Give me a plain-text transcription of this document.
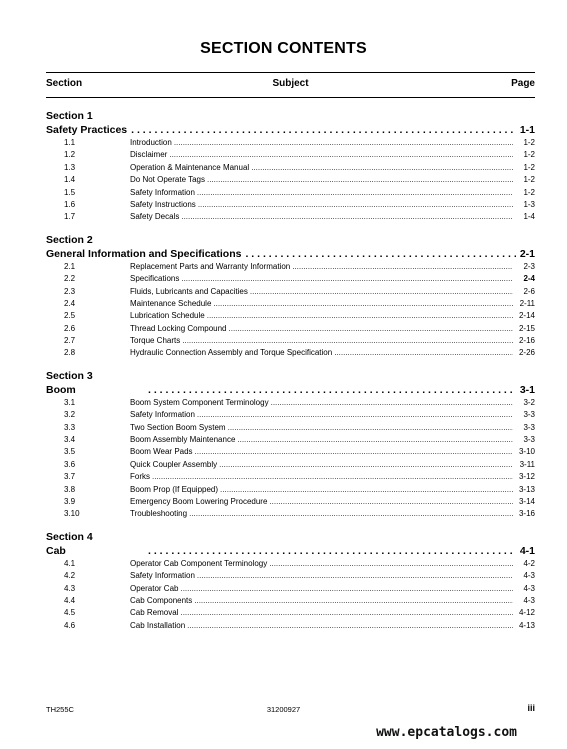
SECTION CONTENTS
Section	Subject	Page
Section 1
Safety Practices . . .	1-1
1.1	Introduction .....	1-2
1.2	Disclaimer .....	1-2
1.3	Operation & Maintenance Manual .....	1-2
1.4	Do Not Operate Tags .....	1-2
1.5	Safety Information .....	1-2
1.6	Safety Instructions .....	1-3
1.7	Safety Decals .....	1-4
Section 2
General Information and Specifications . . .	2-1
2.1	Replacement Parts and Warranty Information .....	2-3
2.2	Specifications .....	2-4
2.3	Fluids, Lubricants and Capacities .....	2-6
2.4	Maintenance Schedule .....	2-11
2.5	Lubrication Schedule .....	2-14
2.6	Thread Locking Compound .....	2-15
2.7	Torque Charts .....	2-16
2.8	Hydraulic Connection Assembly and Torque Specification .....	2-26
Section 3
Boom . . .	3-1
3.1	Boom System Component Terminology .....	3-2
3.2	Safety Information .....	3-3
3.3	Two Section Boom System .....	3-3
3.4	Boom Assembly Maintenance .....	3-3
3.5	Boom Wear Pads .....	3-10
3.6	Quick Coupler Assembly .....	3-11
3.7	Forks .....	3-12
3.8	Boom Prop (If Equipped) .....	3-13
3.9	Emergency Boom Lowering Procedure .....	3-14
3.10	Troubleshooting .....	3-16
Section 4
Cab . . .	4-1
4.1	Operator Cab Component Terminology .....	4-2
4.2	Safety Information .....	4-3
4.3	Operator Cab .....	4-3
4.4	Cab Components .....	4-3
4.5	Cab Removal .....	4-12
4.6	Cab Installation .....	4-13
TH255C	31200927	iii
www.epcatalogs.com
